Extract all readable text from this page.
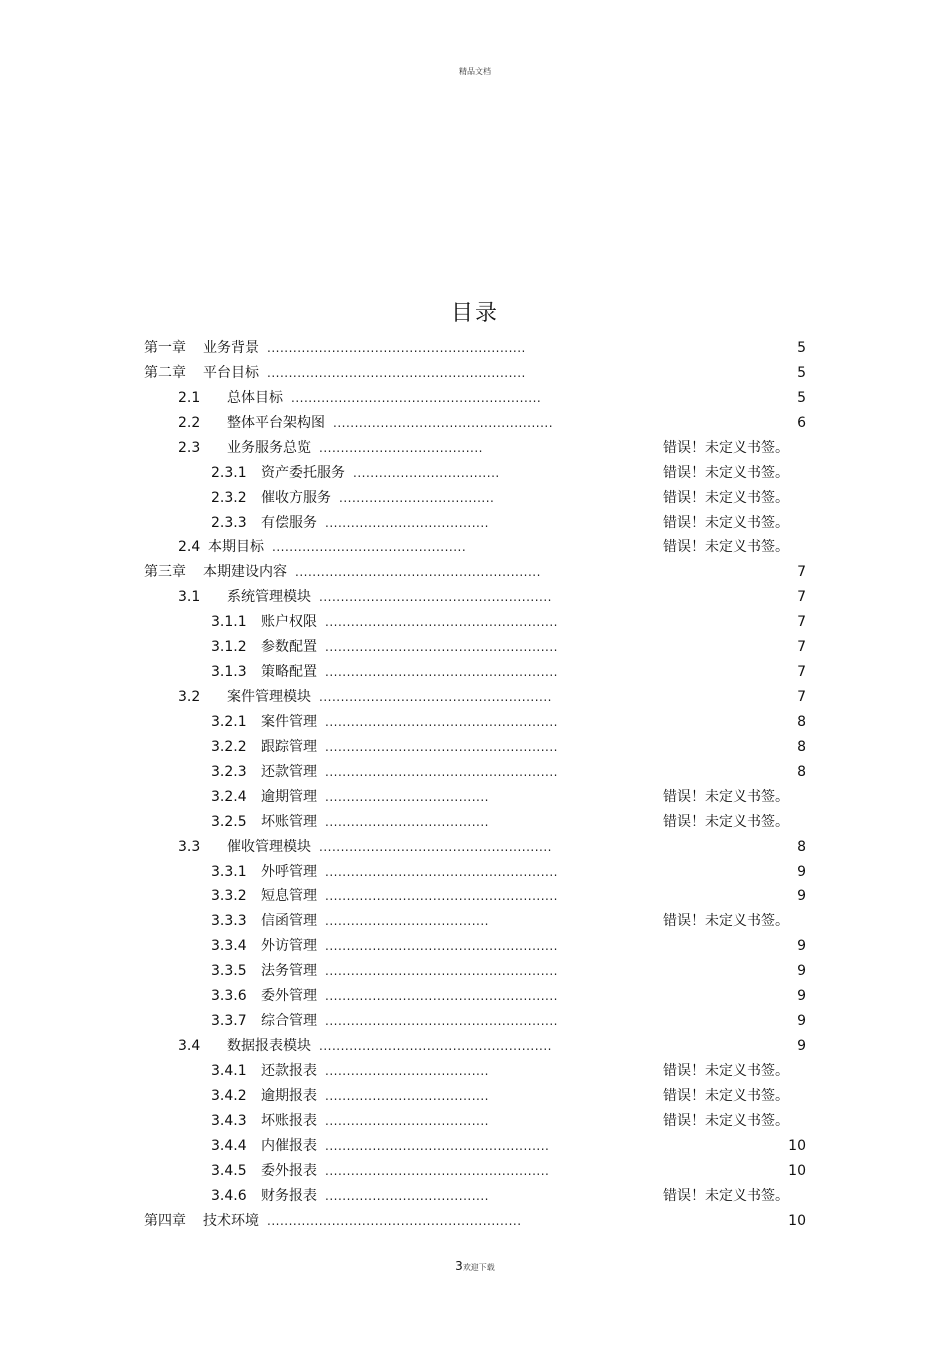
精品文档
目录
第一章 业务背景 ............................................................	5
第二章 平台目标 ............................................................	5
2.1 总体目标 ..........................................................	5
2.2 整体平台架构图 ...................................................	6
2.3 业务服务总览 ......................................	错误！未定义书签。
2.3.1 资产委托服务 ..................................	错误！未定义书签。
2.3.2 催收方服务 ....................................	错误！未定义书签。
2.3.3 有偿服务 ......................................	错误！未定义书签。
2.4 本期目标 .............................................	错误！未定义书签。
第三章 本期建设内容 .........................................................	7
3.1 系统管理模块 ......................................................	7
3.1.1 账户权限 ......................................................	7
3.1.2 参数配置 ......................................................	7
3.1.3 策略配置 ......................................................	7
3.2 案件管理模块 ......................................................	7
3.2.1 案件管理 ......................................................	8
3.2.2 跟踪管理 ......................................................	8
3.2.3 还款管理 ......................................................	8
3.2.4 逾期管理 ......................................	错误！未定义书签。
3.2.5 坏账管理 ......................................	错误！未定义书签。
3.3 催收管理模块 ......................................................	8
3.3.1 外呼管理 ......................................................	9
3.3.2 短息管理 ......................................................	9
3.3.3 信函管理 ......................................	错误！未定义书签。
3.3.4 外访管理 ......................................................	9
3.3.5 法务管理 ......................................................	9
3.3.6 委外管理 ......................................................	9
3.3.7 综合管理 ......................................................	9
3.4 数据报表模块 ......................................................	9
3.4.1 还款报表 ......................................	错误！未定义书签。
3.4.2 逾期报表 ......................................	错误！未定义书签。
3.4.3 坏账报表 ......................................	错误！未定义书签。
3.4.4 内催报表 ....................................................	10
3.4.5 委外报表 ....................................................	10
3.4.6 财务报表 ......................................	错误！未定义书签。
第四章 技术环境 ...........................................................	10
3欢迎下载
